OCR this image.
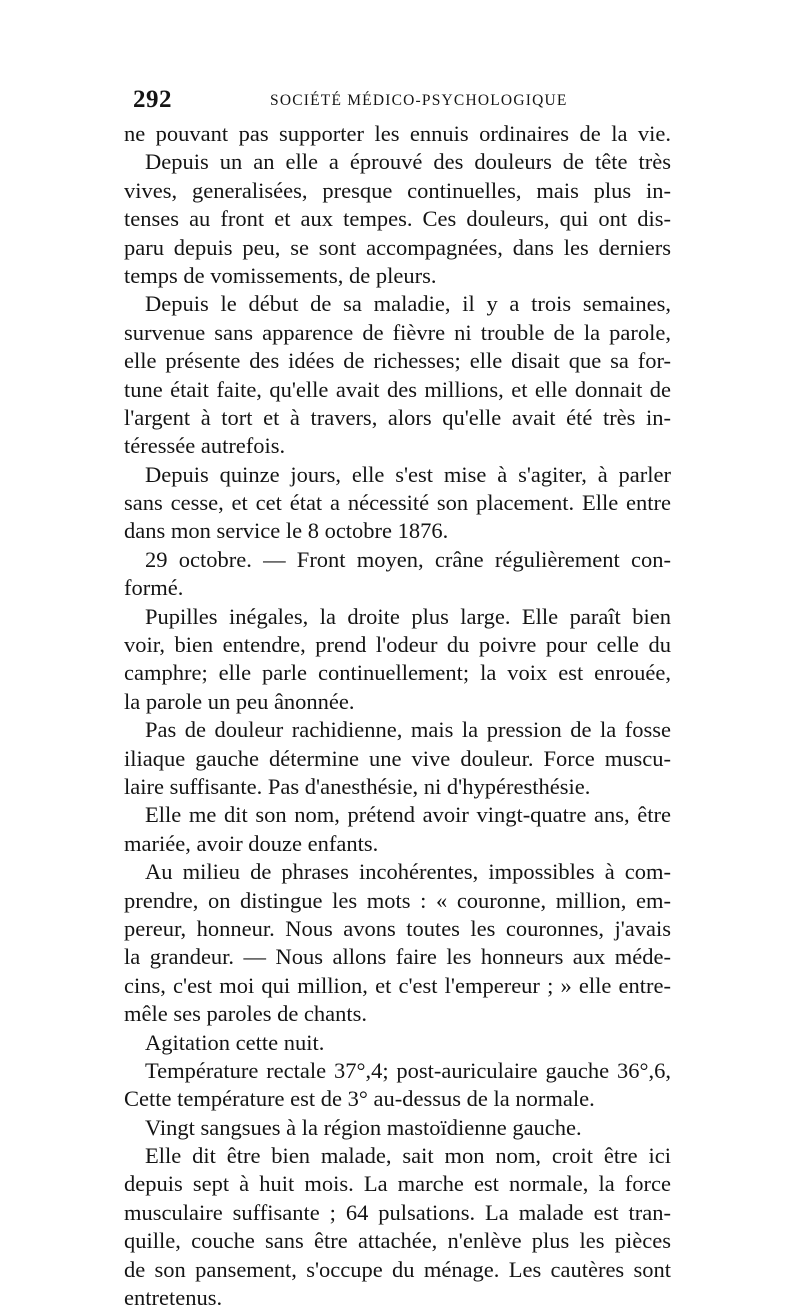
292	SOCIÉTÉ MÉDICO-PSYCHOLOGIQUE
ne pouvant pas supporter les ennuis ordinaires de la vie.
Depuis un an elle a éprouvé des douleurs de tête très
vives, generalisées, presque continuelles, mais plus in-
tenses au front et aux tempes. Ces douleurs, qui ont dis-
paru depuis peu, se sont accompagnées, dans les derniers
temps de vomissements, de pleurs.
Depuis le début de sa maladie, il y a trois semaines,
survenue sans apparence de fièvre ni trouble de la parole,
elle présente des idées de richesses; elle disait que sa for-
tune était faite, qu'elle avait des millions, et elle donnait de
l'argent à tort et à travers, alors qu'elle avait été très in-
téressée autrefois.
Depuis quinze jours, elle s'est mise à s'agiter, à parler
sans cesse, et cet état a nécessité son placement. Elle entre
dans mon service le 8 octobre 1876.
29 octobre. — Front moyen, crâne régulièrement con-
formé.
Pupilles inégales, la droite plus large. Elle paraît bien
voir, bien entendre, prend l'odeur du poivre pour celle du
camphre; elle parle continuellement; la voix est enrouée,
la parole un peu ânonnée.
Pas de douleur rachidienne, mais la pression de la fosse
iliaque gauche détermine une vive douleur. Force muscu-
laire suffisante. Pas d'anesthésie, ni d'hypéresthésie.
Elle me dit son nom, prétend avoir vingt-quatre ans, être
mariée, avoir douze enfants.
Au milieu de phrases incohérentes, impossibles à com-
prendre, on distingue les mots : « couronne, million, em-
pereur, honneur. Nous avons toutes les couronnes, j'avais
la grandeur. — Nous allons faire les honneurs aux méde-
cins, c'est moi qui million, et c'est l'empereur ; » elle entre-
mêle ses paroles de chants.
Agitation cette nuit.
Température rectale 37°,4; post-auriculaire gauche 36°,6,
Cette température est de 3° au-dessus de la normale.
Vingt sangsues à la région mastoïdienne gauche.
Elle dit être bien malade, sait mon nom, croit être ici
depuis sept à huit mois. La marche est normale, la force
musculaire suffisante ; 64 pulsations. La malade est tran-
quille, couche sans être attachée, n'enlève plus les pièces
de son pansement, s'occupe du ménage. Les cautères sont
entretenus.
